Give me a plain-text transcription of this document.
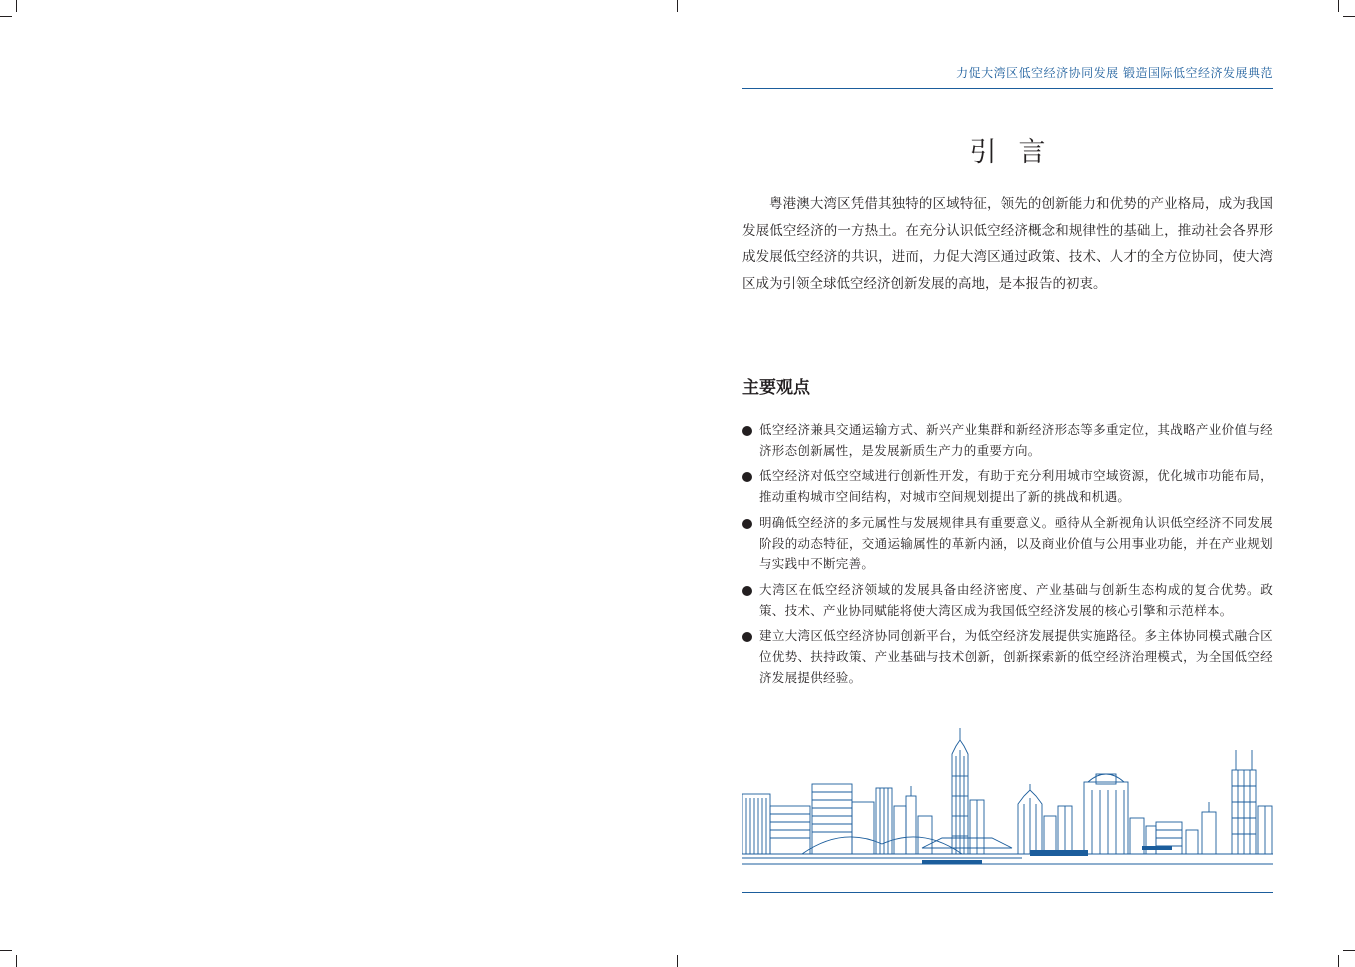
力促大湾区低空经济协同发展 锻造国际低空经济发展典范
引言

粤港澳大湾区凭借其独特的区域特征，领先的创新能力和优势的产业格局，成为我国发展低空经济的一方热土。在充分认识低空经济概念和规律性的基础上，推动社会各界形成发展低空经济的共识，进而，力促大湾区通过政策、技术、人才的全方位协同，使大湾区成为引领全球低空经济创新发展的高地，是本报告的初衷。

主要观点
低空经济兼具交通运输方式、新兴产业集群和新经济形态等多重定位，其战略产业价值与经济形态创新属性，是发展新质生产力的重要方向。
低空经济对低空空域进行创新性开发，有助于充分利用城市空域资源，优化城市功能布局，推动重构城市空间结构，对城市空间规划提出了新的挑战和机遇。
明确低空经济的多元属性与发展规律具有重要意义。亟待从全新视角认识低空经济不同发展阶段的动态特征，交通运输属性的革新内涵，以及商业价值与公用事业功能，并在产业规划与实践中不断完善。
大湾区在低空经济领域的发展具备由经济密度、产业基础与创新生态构成的复合优势。政策、技术、产业协同赋能将使大湾区成为我国低空经济发展的核心引擎和示范样本。
建立大湾区低空经济协同创新平台，为低空经济发展提供实施路径。多主体协同模式融合区位优势、扶持政策、产业基础与技术创新，创新探索新的低空经济治理模式，为全国低空经济发展提供经验。
